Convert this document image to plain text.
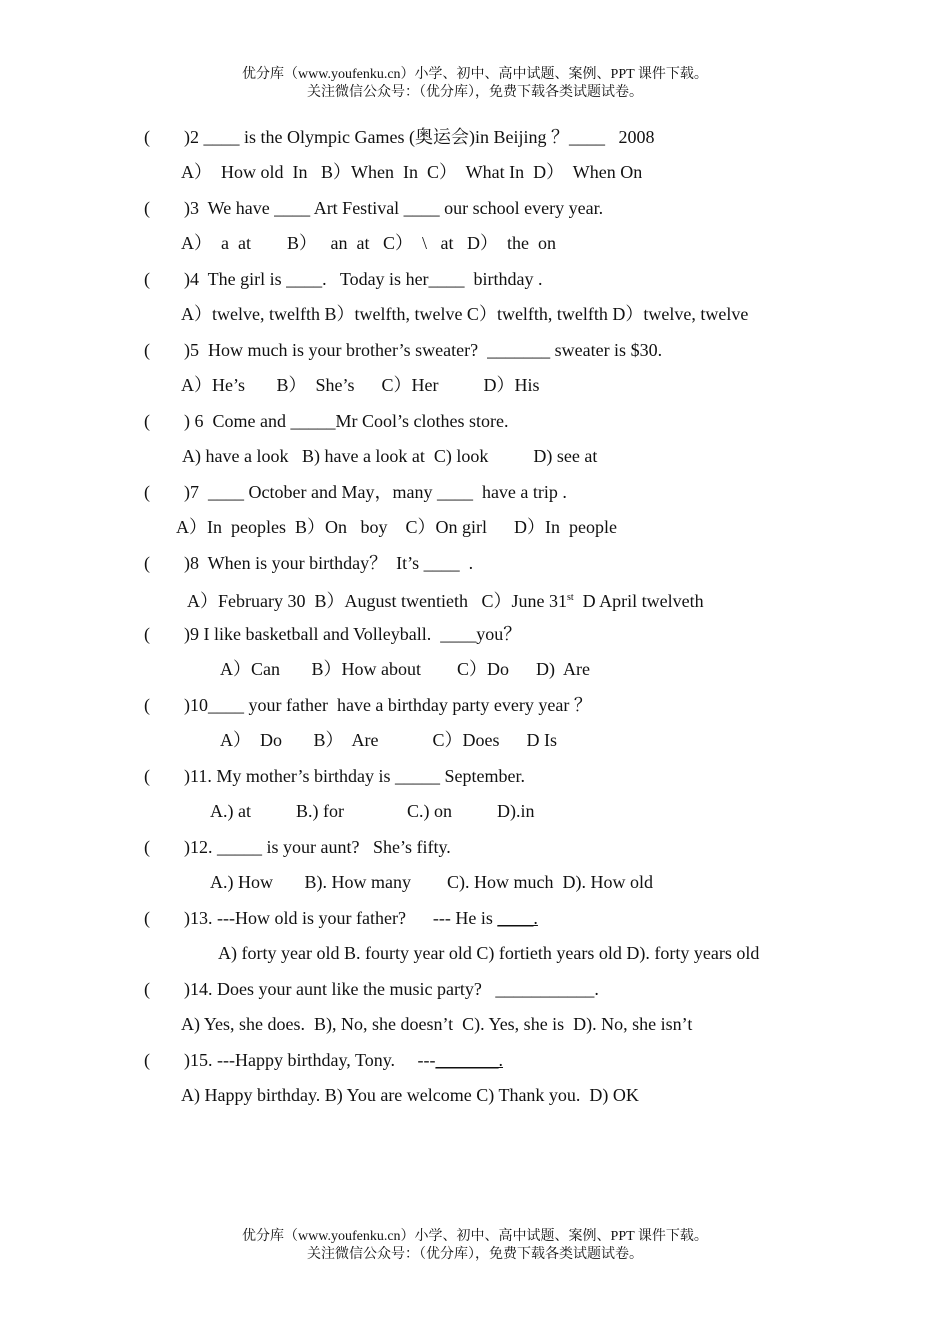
优分库（www.youfenku.cn）小学、初中、高中试题、案例、PPT 课件下载。
关注微信公众号：（优分库），免费下载各类试题试卷。
( )2 ____ is the Olympic Games (奥运会)in Beijing ？____   2008
A）  How old  In   B）When  In  C）  What In  D）  When On
( )3  We have ____ Art Festival ____ our school every year.
A）  a  at        B）   an  at   C）  \   at   D）  the  on
( )4  The girl is ____.   Today is her____  birthday .
A）twelve, twelfth B）twelfth, twelve C）twelfth, twelfth D）twelve, twelve
( )5  How much is your brother’s sweater?  _______ sweater is $30.
A）He’s       B）  She’s      C）Her          D）His
( ) 6  Come and _____Mr Cool’s clothes store.
A) have a look   B) have a look at  C) look          D) see at
( )7  ____ October and May，many ____  have a trip .
A）In  peoples  B）On   boy    C）On girl      D）In  people
( )8  When is your birthday？  It’s ____  .
A）February 30  B）August twentieth   C）June 31st  D April twelveth
( )9 I like basketball and Volleyball.  ____you？
A）Can       B）How about        C）Do      D)  Are
( )10____ your father  have a birthday party every year ？
A）  Do       B）  Are            C）Does      D Is
( )11. My mother’s birthday is _____ September.
A.) at          B.) for              C.) on          D).in
( )12. _____ is your aunt?   She’s fifty.
A.) How       B). How many        C). How much  D). How old
( )13. ---How old is your father?      --- He is ____.
A) forty year old B. fourty year old C) fortieth years old D). forty years old
( )14. Does your aunt like the music party?   ___________.
A) Yes, she does.  B), No, she doesn’t  C). Yes, she is  D). No, she isn’t
( )15. ---Happy birthday, Tony.     ---_______.
A) Happy birthday. B) You are welcome C) Thank you.  D) OK
优分库（www.youfenku.cn）小学、初中、高中试题、案例、PPT 课件下载。
关注微信公众号：（优分库），免费下载各类试题试卷。
